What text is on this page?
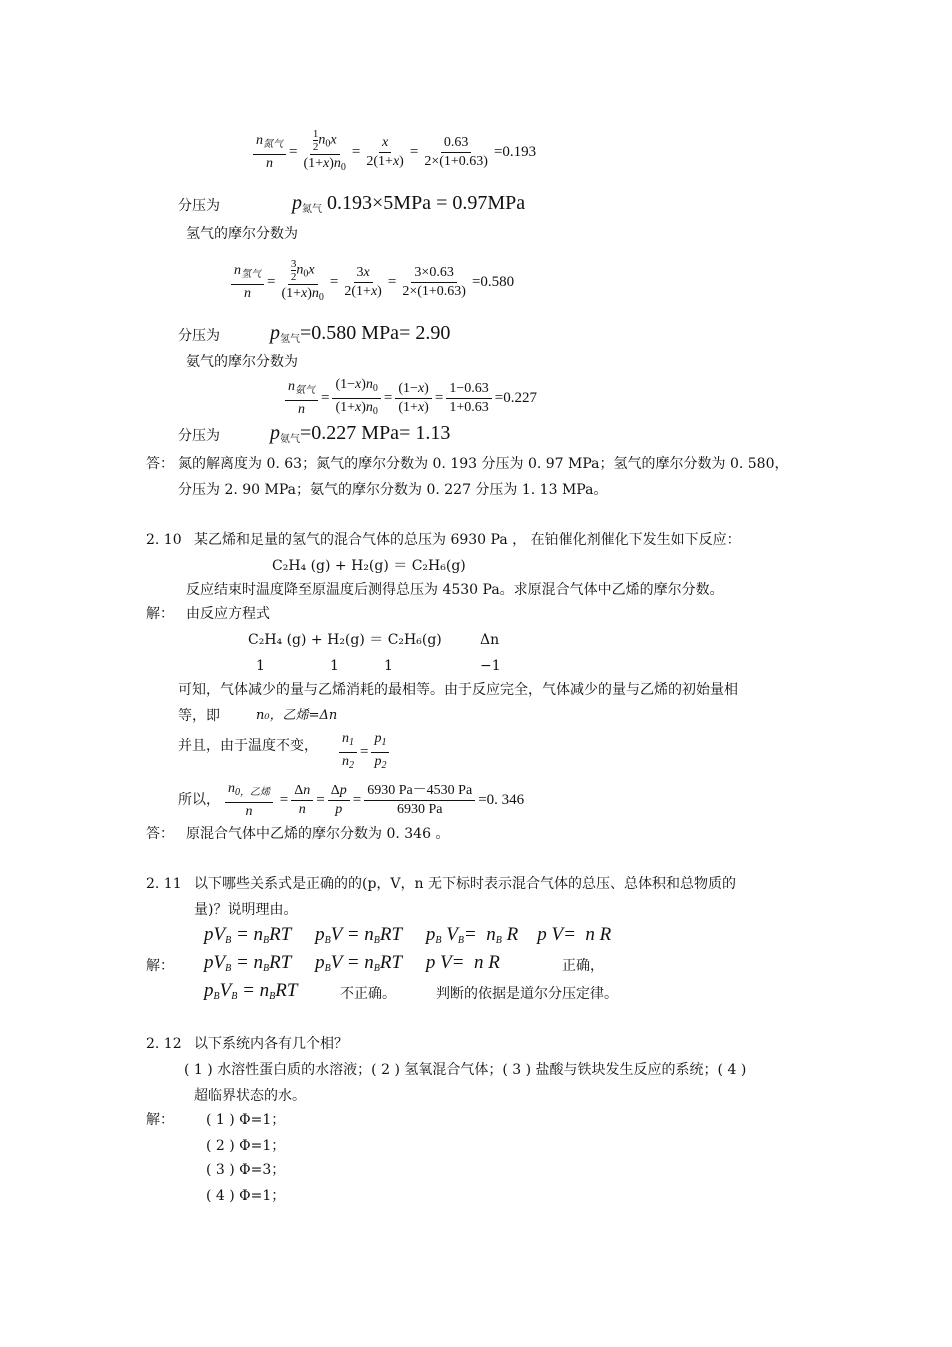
$\frac{n_{氮气}}{n} = \frac{\frac{1}{2} n_0x}{(1+x)n_0} = \frac{x}{2(1+x)} = \frac{0.63}{2\times(1+0.63)} = 0.193$
分压为	$p_{氮气}$ 0.193×5MPa = 0.97MPa
氢气的摩尔分数为
$\frac{n_{氢气}}{n} = \frac{\frac{3}{2} n_0x}{(1+x)n_0} = \frac{3x}{2(1+x)} = \frac{3\times 0.63}{2\times(1+0.63)} = 0.580$
分压为	$p_{氢气}=0.580$ MPa= 2.90
氨气的摩尔分数为
$\frac{n_{氨气}}{n} = \frac{(1-x)n_0}{(1+x)n_0} = \frac{(1-x)}{(1+x)} = \frac{1-0.63}{1+0.63} = 0.227$
分压为	$p_{氨气}=0.227$ MPa= 1.13
答： 氮的解离度为 0. 63；氮气的摩尔分数为 0. 193 分压为 0. 97 MPa；氢气的摩尔分数为 0. 580，
分压为 2. 90 MPa；氨气的摩尔分数为 0. 227 分压为 1. 13 MPa。
2. 10 某乙烯和足量的氢气的混合气体的总压为 6930 Pa ， 在铂催化剂催化下发生如下反应：
C₂H₄ (g) + H₂(g) ＝ C₂H₆(g)
反应结束时温度降至原温度后测得总压为 4530 Pa。求原混合气体中乙烯的摩尔分数。
解： 由反应方程式
C₂H₄ (g) + H₂(g) ＝ C₂H₆(g)	Δn
1	1	1	−1
可知，气体减少的量与乙烯消耗的最相等。由于反应完全，气体减少的量与乙烯的初始量相
等，即	n₀，乙烯=Δn
并且，由于温度不变， $\frac{n_1}{n_2} = \frac{p_1}{p_2}$
所以， $\frac{n_{0,乙烯}}{n} = \frac{\Delta n}{n} = \frac{\Delta p}{p} = \frac{6930 Pa-4530 Pa}{6930 Pa} =0$. 346
答： 原混合气体中乙烯的摩尔分数为 0. 346 。
2. 11 以下哪些关系式是正确的的(p，V，n 无下标时表示混合气体的总压、总体积和总物质的
量)？说明理由。
$pV_B = n_BRT$     $p_BV = n_BRT$     $p_B$ $V_B= n_B$ R    p V=  n R
解： $pV_B = n_BRT$     $p_BV = n_BRT$     p V=  n R	正确，
$p_BV_B = n_BRT$	不正确。	判断的依据是道尔分压定律。
2. 12 以下系统内各有几个相？
( 1 ) 水溶性蛋白质的水溶液；( 2 ) 氢氧混合气体；( 3 ) 盐酸与铁块发生反应的系统；( 4 )
超临界状态的水。
解： ( 1 ) Φ=1；
( 2 ) Φ=1；
( 3 ) Φ=3；
( 4 ) Φ=1；
